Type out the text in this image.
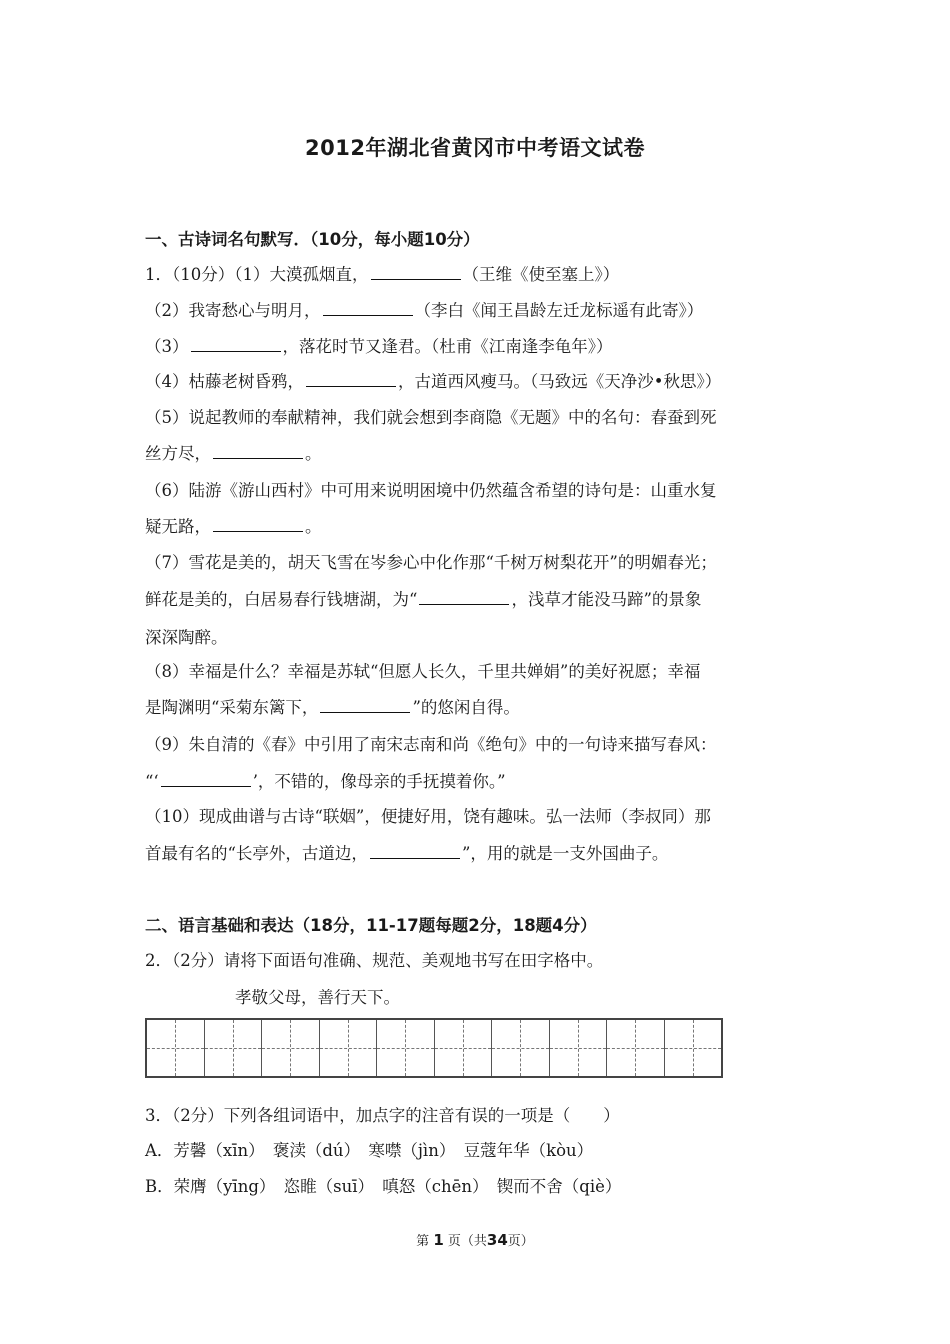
2012年湖北省黄冈市中考语文试卷
一、古诗词名句默写．（10分，每小题10分）
1．（10分）（1）大漠孤烟直，	（王维《使至塞上》）
（2）我寄愁心与明月，	（李白《闻王昌龄左迁龙标遥有此寄》）
（3）	，落花时节又逢君。（杜甫《江南逢李龟年》）
（4）枯藤老树昏鸦，	，古道西风瘦马。（马致远《天净沙•秋思》）
（5）说起教师的奉献精神，我们就会想到李商隐《无题》中的名句：春蚕到死
丝方尽，	。
（6）陆游《游山西村》中可用来说明困境中仍然蕴含希望的诗句是：山重水复
疑无路，	。
（7）雪花是美的，胡天飞雪在岑参心中化作那“千树万树梨花开”的明媚春光；
鲜花是美的，白居易春行钱塘湖，为“	，浅草才能没马蹄”的景象
深深陶醉。
（8）幸福是什么？幸福是苏轼“但愿人长久，千里共婵娟”的美好祝愿；幸福
是陶渊明“采菊东篱下，	”的悠闲自得。
（9）朱自清的《春》中引用了南宋志南和尚《绝句》中的一句诗来描写春风：
“‘	’，不错的，像母亲的手抚摸着你。”
（10）现成曲谱与古诗“联姻”，便捷好用，饶有趣味。弘一法师（李叔同）那
首最有名的“长亭外，古道边，	”，用的就是一支外国曲子。
二、语言基础和表达（18分，11-17题每题2分，18题4分）
2．（2分）请将下面语句准确、规范、美观地书写在田字格中。
孝敬父母，善行天下。
3．（2分）下列各组词语中，加点字的注音有误的一项是（　　）
A．芳馨（xīn）　褒渎（dú）　寒噤（jìn）　豆蔻年华（kòu）
B．荣膺（yīng）　恣睢（suī）　嗔怒（chēn）　锲而不舍（qiè）
第 1 页（共34页）
